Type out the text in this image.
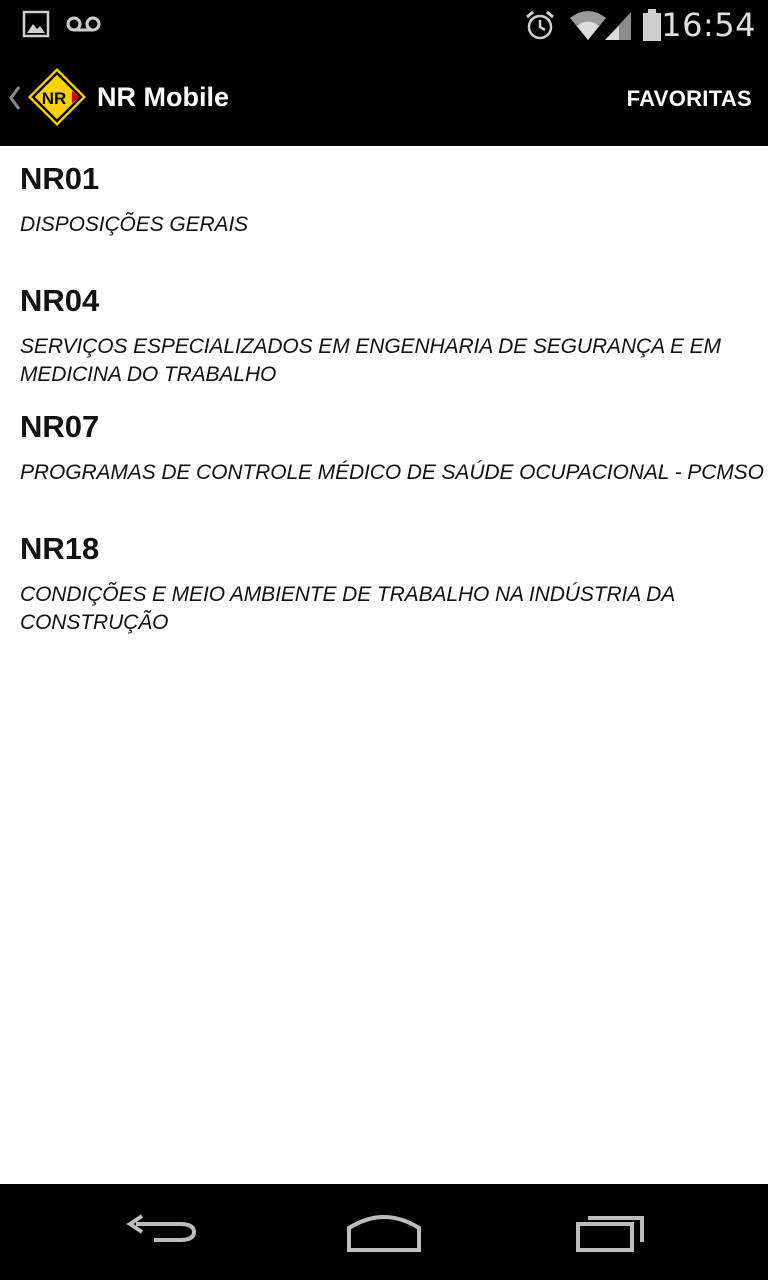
16:54
NR NR Mobile	FAVORITAS
NR01
DISPOSIÇÕES GERAIS
NR04
SERVIÇOS ESPECIALIZADOS EM ENGENHARIA DE SEGURANÇA E EM MEDICINA DO TRABALHO
NR07
PROGRAMAS DE CONTROLE MÉDICO DE SAÚDE OCUPACIONAL - PCMSO
NR18
CONDIÇÕES E MEIO AMBIENTE DE TRABALHO NA INDÚSTRIA DA CONSTRUÇÃO
